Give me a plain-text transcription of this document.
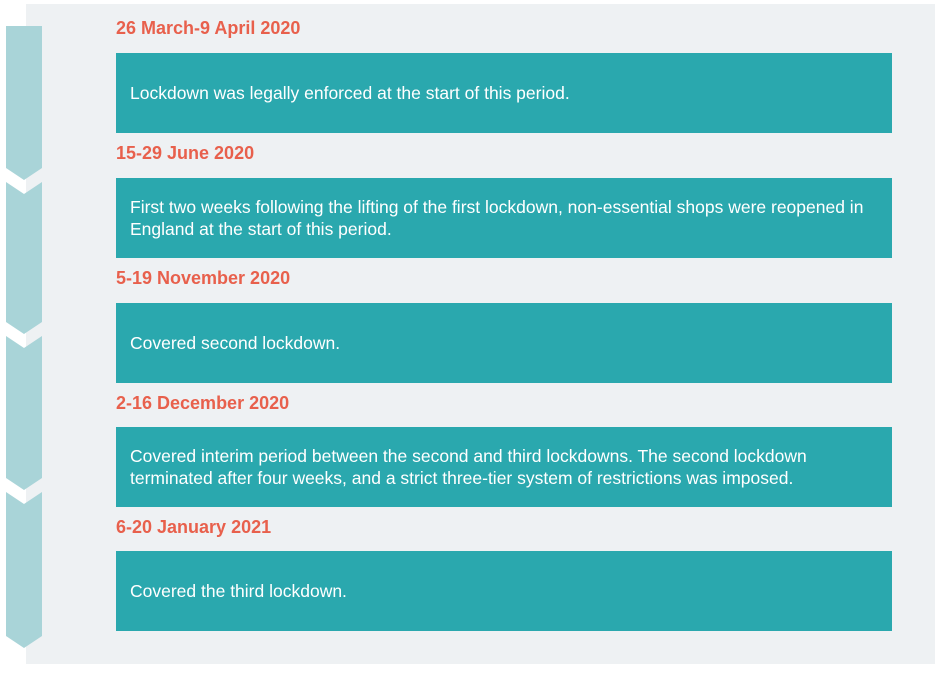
26 March-9 April 2020
Lockdown was legally enforced at the start of this period.
15-29 June 2020
First two weeks following the lifting of the first lockdown, non-essential shops were reopened in England at the start of this period.
5-19 November 2020
Covered second lockdown.
2-16 December 2020
Covered interim period between the second and third lockdowns. The second lockdown terminated after four weeks, and a strict three-tier system of restrictions was imposed.
6-20 January 2021
Covered the third lockdown.
